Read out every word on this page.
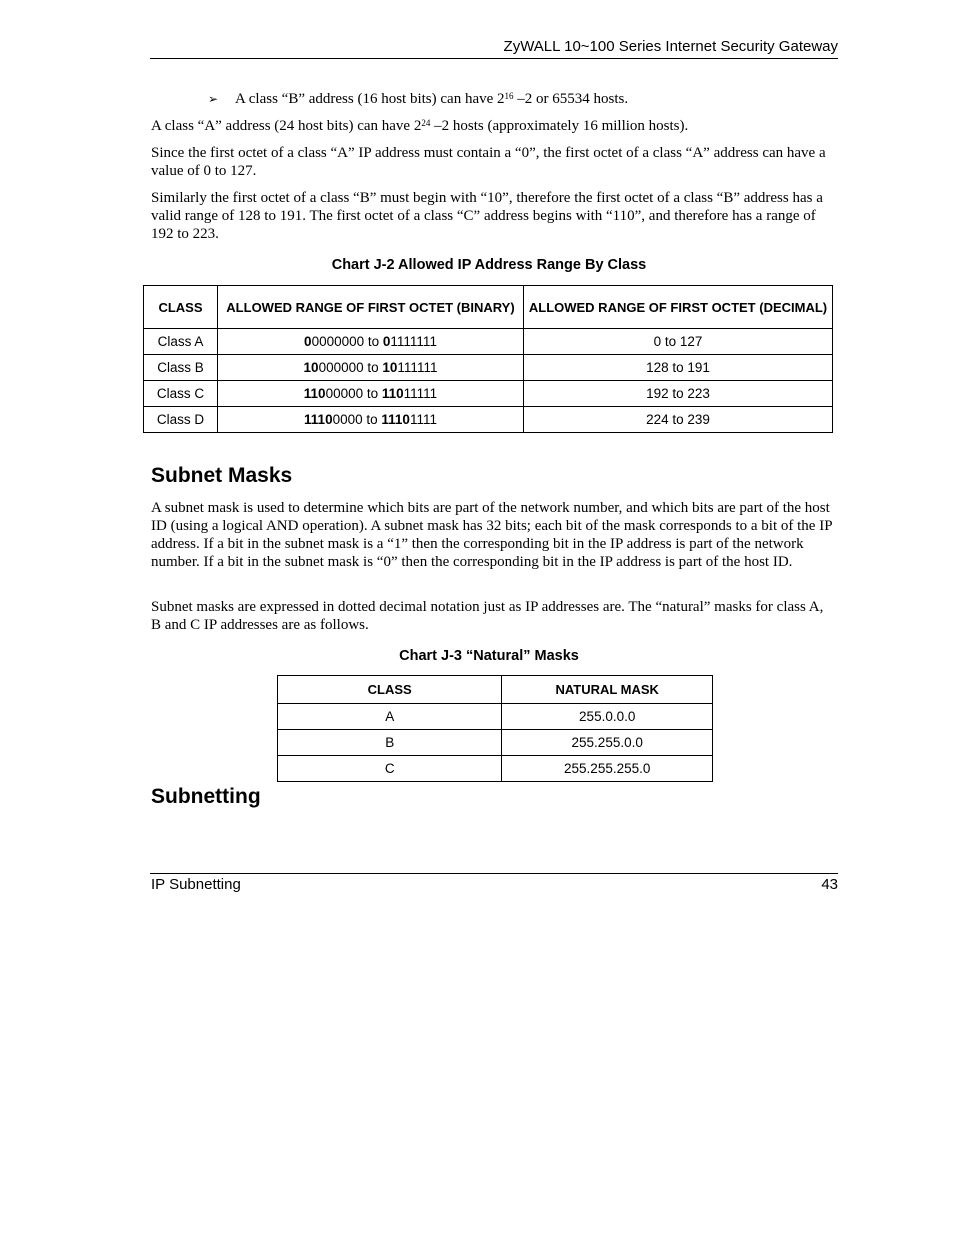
ZyWALL 10~100 Series Internet Security Gateway
➢ A class “B” address (16 host bits) can have $2^{16}$ –2 or 65534 hosts.
A class “A” address (24 host bits) can have $2^{24}$ –2 hosts (approximately 16 million hosts).
Since the first octet of a class “A” IP address must contain a “0”, the first octet of a class “A” address can have a value of 0 to 127.
Similarly the first octet of a class “B” must begin with “10”, therefore the first octet of a class “B” address has a valid range of 128 to 191. The first octet of a class “C” address begins with “110”, and therefore has a range of 192 to 223.
Chart J-2 Allowed IP Address Range By Class
CLASS	ALLOWED RANGE OF FIRST OCTET (BINARY)	ALLOWED RANGE OF FIRST OCTET (DECIMAL)
Class A	00000000 to 01111111	0 to 127
Class B	10000000 to 10111111	128 to 191
Class C	11000000 to 11011111	192 to 223
Class D	11100000 to 11101111	224 to 239
Subnet Masks
A subnet mask is used to determine which bits are part of the network number, and which bits are part of the host ID (using a logical AND operation). A subnet mask has 32 bits; each bit of the mask corresponds to a bit of the IP address. If a bit in the subnet mask is a “1” then the corresponding bit in the IP address is part of the network number. If a bit in the subnet mask is “0” then the corresponding bit in the IP address is part of the host ID.
Subnet masks are expressed in dotted decimal notation just as IP addresses are. The “natural” masks for class A, B and C IP addresses are as follows.
Chart J-3 “Natural” Masks
CLASS	NATURAL MASK
A	255.0.0.0
B	255.255.0.0
C	255.255.255.0
Subnetting
IP Subnetting	43
